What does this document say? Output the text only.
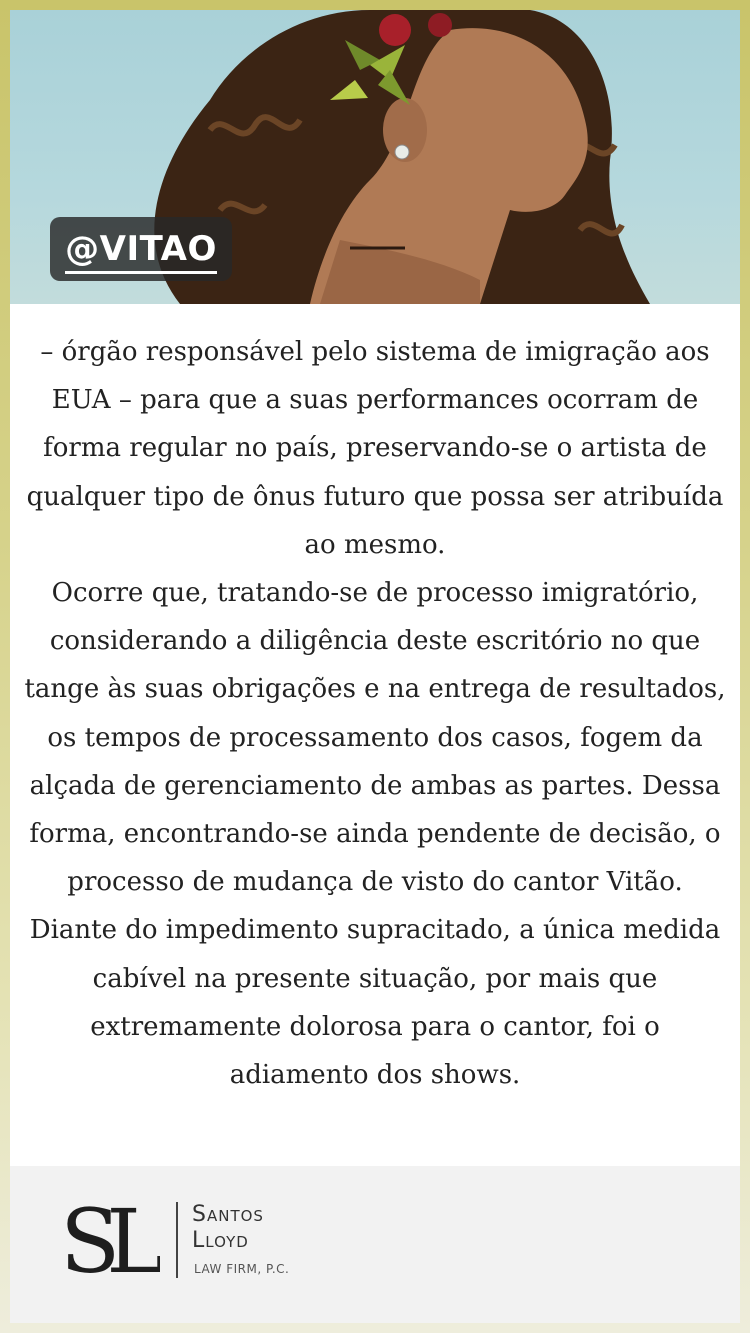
@VITAO

– órgão responsável pelo sistema de imigração aos EUA – para que a suas performances ocorram de forma regular no país, preservando-se o artista de qualquer tipo de ônus futuro que possa ser atribuída ao mesmo.

Ocorre que, tratando-se de processo imigratório, considerando a diligência deste escritório no que tange às suas obrigações e na entrega de resultados, os tempos de processamento dos casos, fogem da alçada de gerenciamento de ambas as partes. Dessa forma, encontrando-se ainda pendente de decisão, o processo de mudança de visto do cantor Vitão.

Diante do impedimento supracitado, a única medida cabível na presente situação, por mais que extremamente dolorosa para o cantor, foi o adiamento dos shows.

SL	Santos
Lloyd
LAW FIRM, P.C.
